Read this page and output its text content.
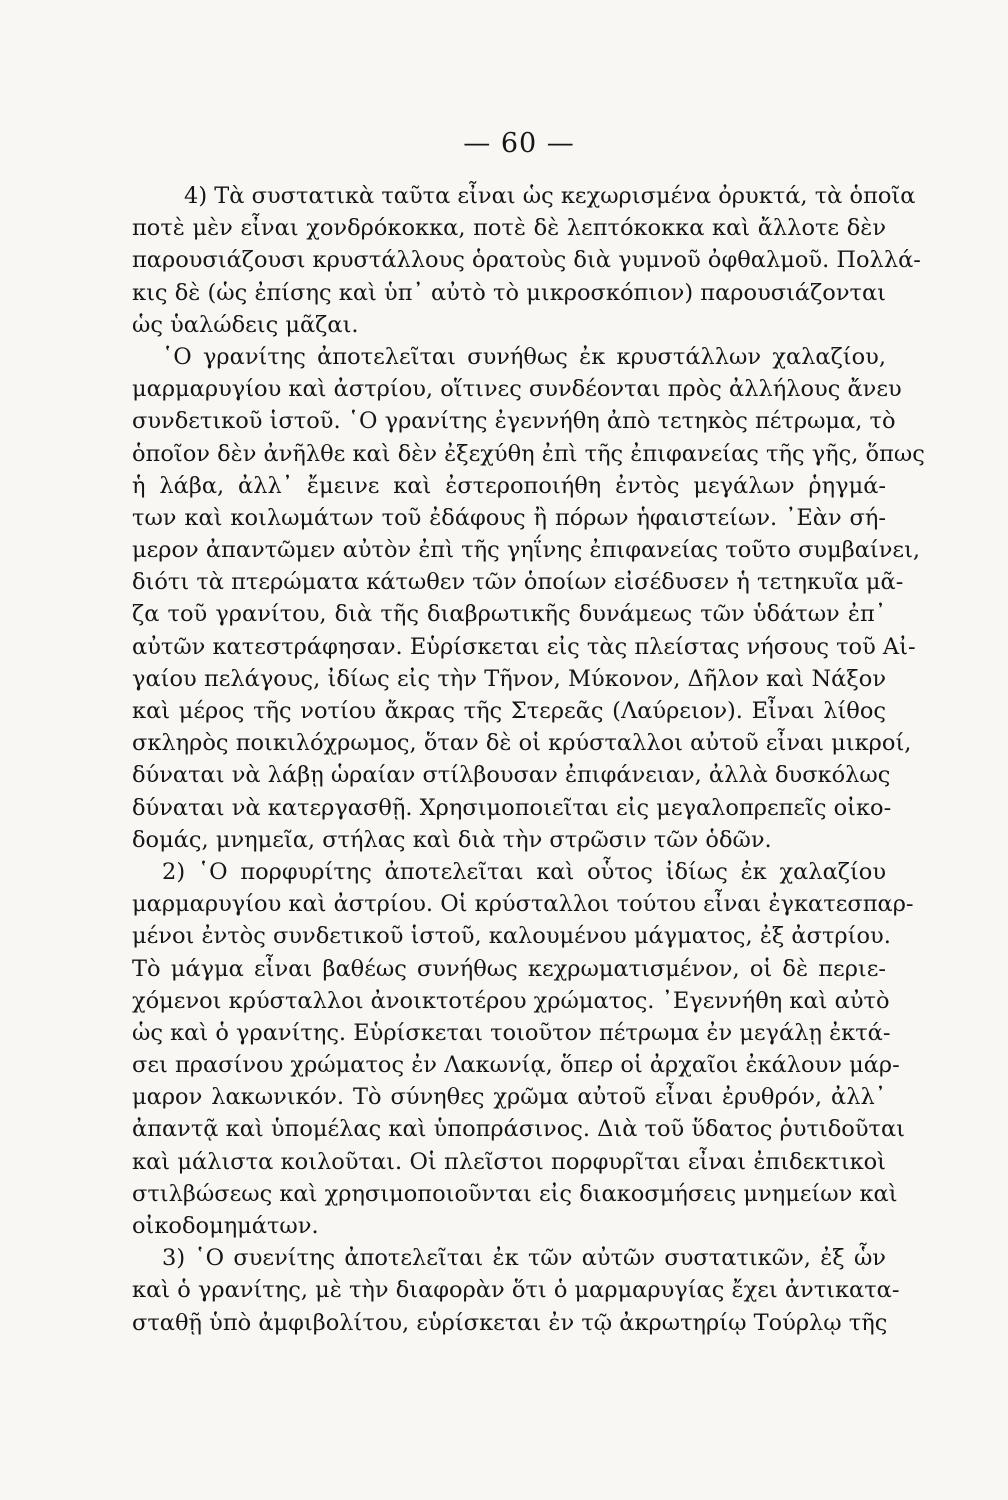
— 60 —
4) Τὰ συστατικὰ ταῦτα εἶναι ὡς κεχωρισμένα ὀρυκτά, τὰ ὁποῖα
ποτὲ μὲν εἶναι χονδρόκοκκα, ποτὲ δὲ λεπτόκοκκα καὶ ἄλλοτε δὲν
παρουσιάζουσι κρυστάλλους ὁρατοὺς διὰ γυμνοῦ ὀφθαλμοῦ. Πολλά-
κις δὲ (ὡς ἐπίσης καὶ ὑπ᾽ αὐτὸ τὸ μικροσκόπιον) παρουσιάζονται
ὡς ὑαλώδεις μᾶζαι.
῾Ο γρανίτης ἀποτελεῖται συνήθως ἐκ κρυστάλλων χαλαζίου,
μαρμαρυγίου καὶ ἀστρίου, οἵτινες συνδέονται πρὸς ἀλλήλους ἄνευ
συνδετικοῦ ἱστοῦ. ῾Ο γρανίτης ἐγεννήθη ἀπὸ τετηκὸς πέτρωμα, τὸ
ὁποῖον δὲν ἀνῆλθε καὶ δὲν ἐξεχύθη ἐπὶ τῆς ἐπιφανείας τῆς γῆς, ὅπως
ἡ λάβα, ἀλλ᾽ ἔμεινε καὶ ἐστεροποιήθη ἐντὸς μεγάλων ῥηγμά-
των καὶ κοιλωμάτων τοῦ ἐδάφους ἢ πόρων ἡφαιστείων. ᾽Εὰν σή-
μερον ἀπαντῶμεν αὐτὸν ἐπὶ τῆς γηΐνης ἐπιφανείας τοῦτο συμβαίνει,
διότι τὰ πτερώματα κάτωθεν τῶν ὁποίων εἰσέδυσεν ἡ τετηκυῖα μᾶ-
ζα τοῦ γρανίτου, διὰ τῆς διαβρωτικῆς δυνάμεως τῶν ὑδάτων ἐπ᾽
αὐτῶν κατεστράφησαν. Εὑρίσκεται εἰς τὰς πλείστας νήσους τοῦ Αἰ-
γαίου πελάγους, ἰδίως εἰς τὴν Τῆνον, Μύκονον, Δῆλον καὶ Νάξον
καὶ μέρος τῆς νοτίου ἄκρας τῆς Στερεᾶς (Λαύρειον). Εἶναι λίθος
σκληρὸς ποικιλόχρωμος, ὅταν δὲ οἱ κρύσταλλοι αὐτοῦ εἶναι μικροί,
δύναται νὰ λάβῃ ὡραίαν στίλβουσαν ἐπιφάνειαν, ἀλλὰ δυσκόλως
δύναται νὰ κατεργασθῇ. Χρησιμοποιεῖται εἰς μεγαλοπρεπεῖς οἰκο-
δομάς, μνημεῖα, στήλας καὶ διὰ τὴν στρῶσιν τῶν ὁδῶν.
2) ῾Ο πορφυρίτης ἀποτελεῖται καὶ οὗτος ἰδίως ἐκ χαλαζίου
μαρμαρυγίου καὶ ἀστρίου. Οἱ κρύσταλλοι τούτου εἶναι ἐγκατεσπαρ-
μένοι ἐντὸς συνδετικοῦ ἱστοῦ, καλουμένου μάγματος, ἐξ ἀστρίου.
Τὸ μάγμα εἶναι βαθέως συνήθως κεχρωματισμένον, οἱ δὲ περιε-
χόμενοι κρύσταλλοι ἀνοικτοτέρου χρώματος. ᾽Εγεννήθη καὶ αὐτὸ
ὡς καὶ ὁ γρανίτης. Εὑρίσκεται τοιοῦτον πέτρωμα ἐν μεγάλῃ ἐκτά-
σει πρασίνου χρώματος ἐν Λακωνίᾳ, ὅπερ οἱ ἀρχαῖοι ἐκάλουν μάρ-
μαρον λακωνικόν. Τὸ σύνηθες χρῶμα αὐτοῦ εἶναι ἐρυθρόν, ἀλλ᾽
ἀπαντᾷ καὶ ὑπομέλας καὶ ὑποπράσινος. Διὰ τοῦ ὕδατος ῥυτιδοῦται
καὶ μάλιστα κοιλοῦται. Οἱ πλεῖστοι πορφυρῖται εἶναι ἐπιδεκτικοὶ
στιλβώσεως καὶ χρησιμοποιοῦνται εἰς διακοσμήσεις μνημείων καὶ
οἰκοδομημάτων.
3) ῾Ο συενίτης ἀποτελεῖται ἐκ τῶν αὐτῶν συστατικῶν, ἐξ ὧν
καὶ ὁ γρανίτης, μὲ τὴν διαφορὰν ὅτι ὁ μαρμαρυγίας ἔχει ἀντικατα-
σταθῇ ὑπὸ ἀμφιβολίτου, εὑρίσκεται ἐν τῷ ἀκρωτηρίῳ Τούρλῳ τῆς
